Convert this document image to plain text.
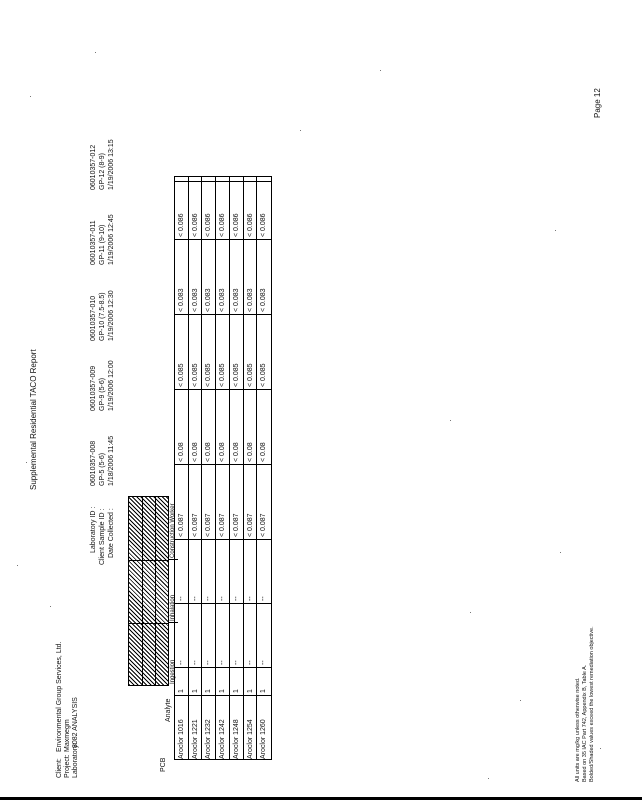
Supplemental Residential TACO Report
Client:
Environmental Group Services, Ltd.
Project:
Maxmegm
Laboratory:
8082 ANALYSIS
Laboratory ID : Client Sample ID : Date Collected :
06010357-008 GP-5 (5-6) 1/18/2006 11:45
06010357-009 GP-9 (5-6) 1/19/2006 12:00
06010357-010 GP-10 (7.5-8.5) 1/19/2006 12:30
06010357-011 GP-11 (9-10) 1/19/2006 12:45
06010357-012 GP-12 (8-9) 1/19/2006 13:15
Ingestion
Inhalation
Construction Worker
PCB
Analyte
Aroclor 1016
1
--
--
< 0.087
< 0.08
< 0.085
< 0.083
< 0.086
Aroclor 1221
1
--
--
< 0.087
< 0.08
< 0.085
< 0.083
< 0.086
Aroclor 1232
1
--
--
< 0.087
< 0.08
< 0.085
< 0.083
< 0.086
Aroclor 1242
1
--
--
< 0.087
< 0.08
< 0.085
< 0.083
< 0.086
Aroclor 1248
1
--
--
< 0.087
< 0.08
< 0.085
< 0.083
< 0.086
Aroclor 1254
1
--
--
< 0.087
< 0.08
< 0.085
< 0.083
< 0.086
Aroclor 1260
1
--
--
< 0.087
< 0.08
< 0.085
< 0.083
< 0.086
All units are mg/kg unless otherwise noted. Based on 35 IAC Part 742, Appendix B, Table A. Bolded/Shaded values exceed the lowest remediation objective.
Page 12
